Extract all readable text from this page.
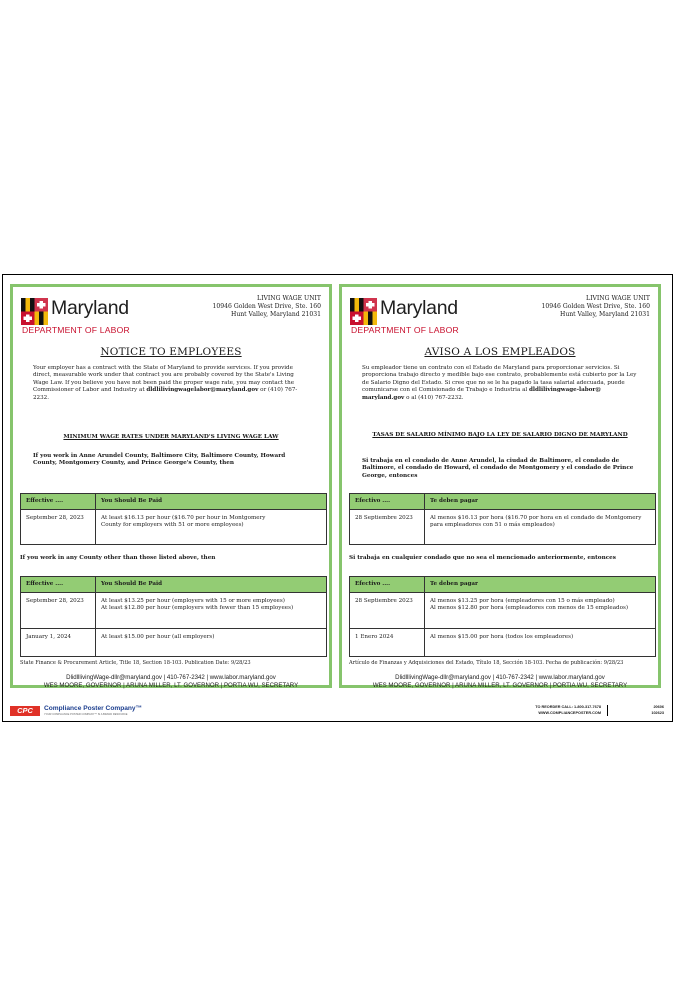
Maryland
DEPARTMENT OF LABOR
LIVING WAGE UNIT
10946 Golden West Drive, Ste. 160
Hunt Valley, Maryland 21031
NOTICE TO EMPLOYEES
Your employer has a contract with the State of Maryland to provide services. If you provide direct, measurable work under that contract you are probably covered by the State's Living Wage Law. If you believe you have not been paid the proper wage rate, you may contact the Commissioner of Labor and Industry at dldlilivingwagelabor@maryland.gov or (410) 767-2232.
MINIMUM WAGE RATES UNDER MARYLAND'S LIVING WAGE LAW
If you work in Anne Arundel County, Baltimore City, Baltimore County, Howard County, Montgomery County, and Prince George's County, then
Effective ....	You Should Be Paid
September 28, 2023	At least $16.13 per hour ($16.70 per hour in Montgomery
County for employers with 51 or more employees)
If you work in any County other than those listed above, then
Effective ....	You Should Be Paid
September 28, 2023	At least $13.25 per hour (employers with 15 or more employees)
At least $12.80 per hour (employers with fewer than 15 employees)
January 1, 2024	At least $15.00 per hour (all employers)
State Finance & Procurement Article, Title 18, Section 18-103. Publication Date: 9/28/23
DlidlllivingWage-dllr@maryland.gov | 410-767-2342 | www.labor.maryland.gov
WES MOORE, GOVERNOR | ARUNA MILLER, LT. GOVERNOR | PORTIA WU, SECRETARY
Maryland
DEPARTMENT OF LABOR
LIVING WAGE UNIT
10946 Golden West Drive, Ste. 160
Hunt Valley, Maryland 21031
AVISO A LOS EMPLEADOS
Su empleador tiene un contrato con el Estado de Maryland para proporcionar servicios. Si proporciona trabajo directo y medible bajo ese contrato, probablemente está cubierto por la Ley de Salario Digno del Estado. Si cree que no se le ha pagado la tasa salarial adecuada, puede comunicarse con el Comisionado de Trabajo e Industria al dldlilivingwage-labor@ maryland.gov o al (410) 767-2232.
TASAS DE SALARIO MÍNIMO BAJO LA LEY DE SALARIO DIGNO DE MARYLAND
Si trabaja en el condado de Anne Arundel, la ciudad de Baltimore, el condado de Baltimore, el condado de Howard, el condado de Montgomery y el condado de Prince George, entonces
Efectivo ....	Te deben pagar
28 Septiembre 2023	Al menos $16.13 por hora ($16.70 por hora en el condado de Montgomery
para empleadores con 51 o más empleados)
Si trabaja en cualquier condado que no sea el mencionado anteriormente, entonces
Efectivo ....	Te deben pagar
28 Septiembre 2023	Al menos $13.25 por hora (empleadores con 15 o más empleado)
Al menos $12.80 por hora (empleadores con menos de 15 empleados)
1 Enero 2024	Al menos $15.00 por hora (todos los empleadores)
Artículo de Finanzas y Adquisiciones del Estado, Título 18, Sección 18-103. Fecha de publicación: 9/28/23
DlidlllivingWage-dllr@maryland.gov | 410-767-2342 | www.labor.maryland.gov
WES MOORE, GOVERNOR | ARUNA MILLER, LT. GOVERNOR | PORTIA WU, SECRETARY
CPC	Compliance Poster Company™
YOUR COMPLIANCE POSTER COMPANY™ IS A BRAND RESOURCE
TO REORDER CALL: 1-800-317-7678
WWW.COMPLIANCEPOSTER.COM
20606
102623
